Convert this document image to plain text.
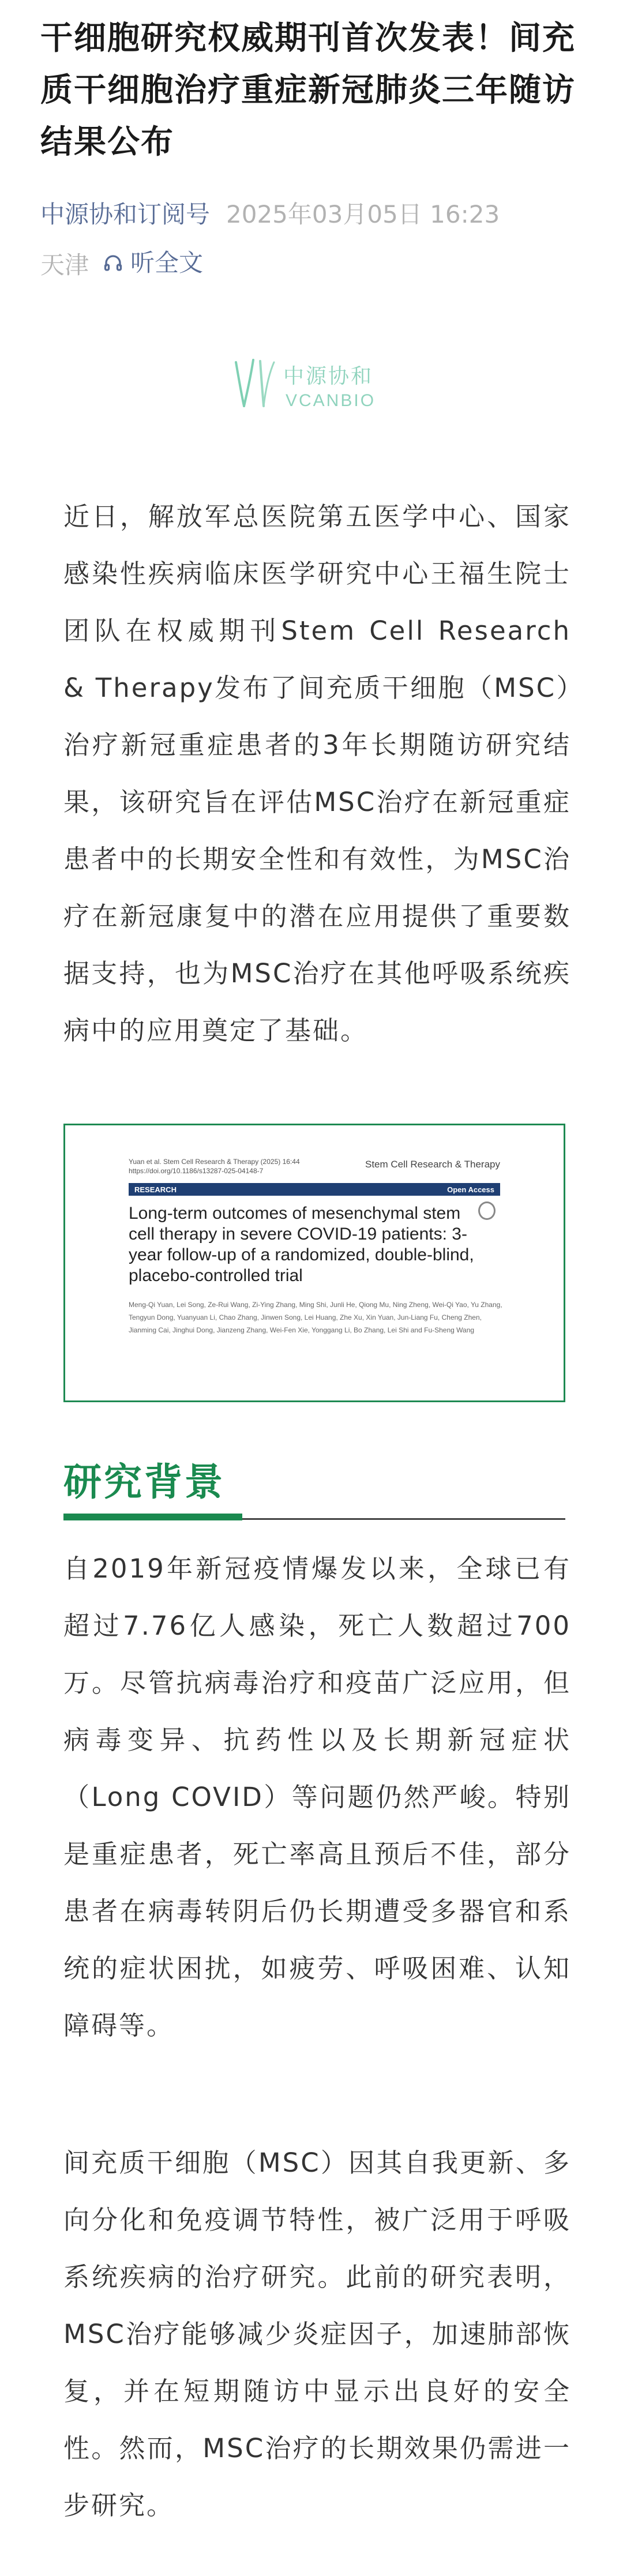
干细胞研究权威期刊首次发表！间充质干细胞治疗重症新冠肺炎三年随访结果公布
中源协和订阅号 2025年03月05日 16:23
天津 听全文
中源协和
VCANBIO
近日，解放军总医院第五医学中心、国家感染性疾病临床医学研究中心王福生院士团队在权威期刊Stem Cell Research & Therapy发布了间充质干细胞（MSC）治疗新冠重症患者的3年长期随访研究结果，该研究旨在评估MSC治疗在新冠重症患者中的长期安全性和有效性，为MSC治疗在新冠康复中的潜在应用提供了重要数据支持，也为MSC治疗在其他呼吸系统疾病中的应用奠定了基础。
Yuan et al. Stem Cell Research & Therapy (2025) 16:44
https://doi.org/10.1186/s13287-025-04148-7
Stem Cell Research & Therapy
RESEARCH	Open Access
Long-term outcomes of mesenchymal stem cell therapy in severe COVID-19 patients: 3-year follow-up of a randomized, double-blind, placebo-controlled trial
Meng-Qi Yuan, Lei Song, Ze-Rui Wang, Zi-Ying Zhang, Ming Shi, Junli He, Qiong Mu, Ning Zheng, Wei-Qi Yao, Yu Zhang, Tengyun Dong, Yuanyuan Li, Chao Zhang, Jinwen Song, Lei Huang, Zhe Xu, Xin Yuan, Jun-Liang Fu, Cheng Zhen, Jianming Cai, Jinghui Dong, Jianzeng Zhang, Wei-Fen Xie, Yonggang Li, Bo Zhang, Lei Shi and Fu-Sheng Wang
研究背景
自2019年新冠疫情爆发以来，全球已有超过7.76亿人感染，死亡人数超过700万。尽管抗病毒治疗和疫苗广泛应用，但病毒变异、抗药性以及长期新冠症状（Long COVID）等问题仍然严峻。特别是重症患者，死亡率高且预后不佳，部分患者在病毒转阴后仍长期遭受多器官和系统的症状困扰，如疲劳、呼吸困难、认知障碍等。
间充质干细胞（MSC）因其自我更新、多向分化和免疫调节特性，被广泛用于呼吸系统疾病的治疗研究。此前的研究表明，MSC治疗能够减少炎症因子，加速肺部恢复，并在短期随访中显示出良好的安全性。然而，MSC治疗的长期效果仍需进一步研究。
